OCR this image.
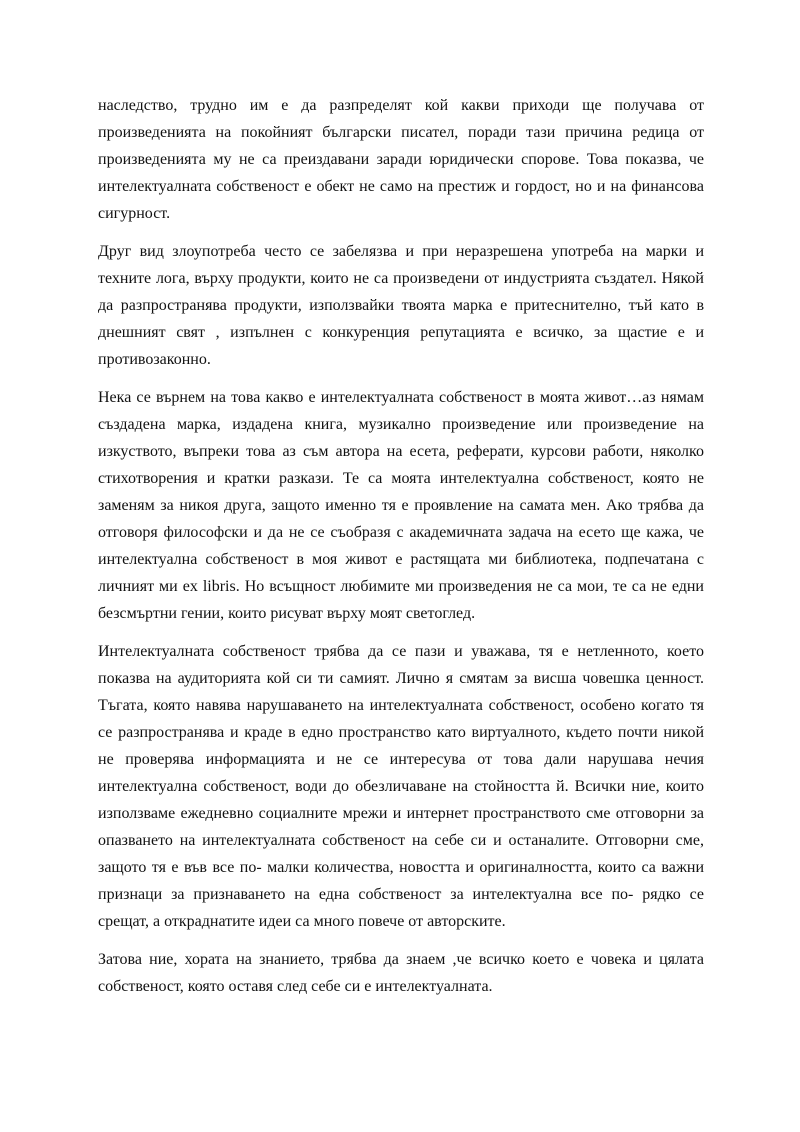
наследство, трудно им е да разпределят кой какви приходи ще получава от произведенията на покойният български писател, поради тази причина редица от произведенията му не са преиздавани заради юридически спорове. Това показва, че интелектуалната собственост е обект не само на престиж и гордост, но и на финансова сигурност.

Друг вид злоупотреба често се забелязва и при неразрешена употреба на марки и техните лога, върху продукти, които не са произведени от индустрията създател. Някой да разпространява продукти, използвайки твоята марка е притеснително, тъй като в днешният свят , изпълнен с конкуренция репутацията е всичко, за щастие е и противозаконно.

Нека се върнем на това какво е интелектуалната собственост в моята живот…аз нямам създадена марка, издадена книга, музикално произведение или произведение на изкуството, въпреки това аз съм автора на есета, реферати, курсови работи, няколко стихотворения и кратки разкази. Те са моята интелектуална собственост, която не заменям за никоя друга, защото именно тя е проявление на самата мен. Ако трябва да отговоря философски и да не се съобразя с академичната задача на есето ще кажа, че интелектуална собственост в моя живот е растящата ми библиотека, подпечатана с личният ми ex libris. Но всъщност любимите ми произведения не са мои, те са не едни безсмъртни гении, които рисуват върху моят светоглед.

Интелектуалната собственост трябва да се пази и уважава, тя е нетленното, което показва на аудиторията кой си ти самият. Лично я смятам за висша човешка ценност. Тъгата, която навява нарушаването на интелектуалната собственост, особено когато тя се разпространява и краде в едно пространство като виртуалното, където почти никой не проверява информацията и не се интересува от това дали нарушава нечия интелектуална собственост, води до обезличаване на стойността й. Всички ние, които използваме ежедневно социалните мрежи и интернет пространството сме отговорни за опазването на интелектуалната собственост на себе си и останалите. Отговорни сме, защото тя е във все по- малки количества, новостта и оригиналността, които са важни признаци за признаването на една собственост за интелектуална все по- рядко се срещат, а откраднатите идеи са много повече от авторските.

Затова ние, хората на знанието, трябва да знаем ,че всичко което е човека и цялата собственост, която оставя след себе си е интелектуалната.
